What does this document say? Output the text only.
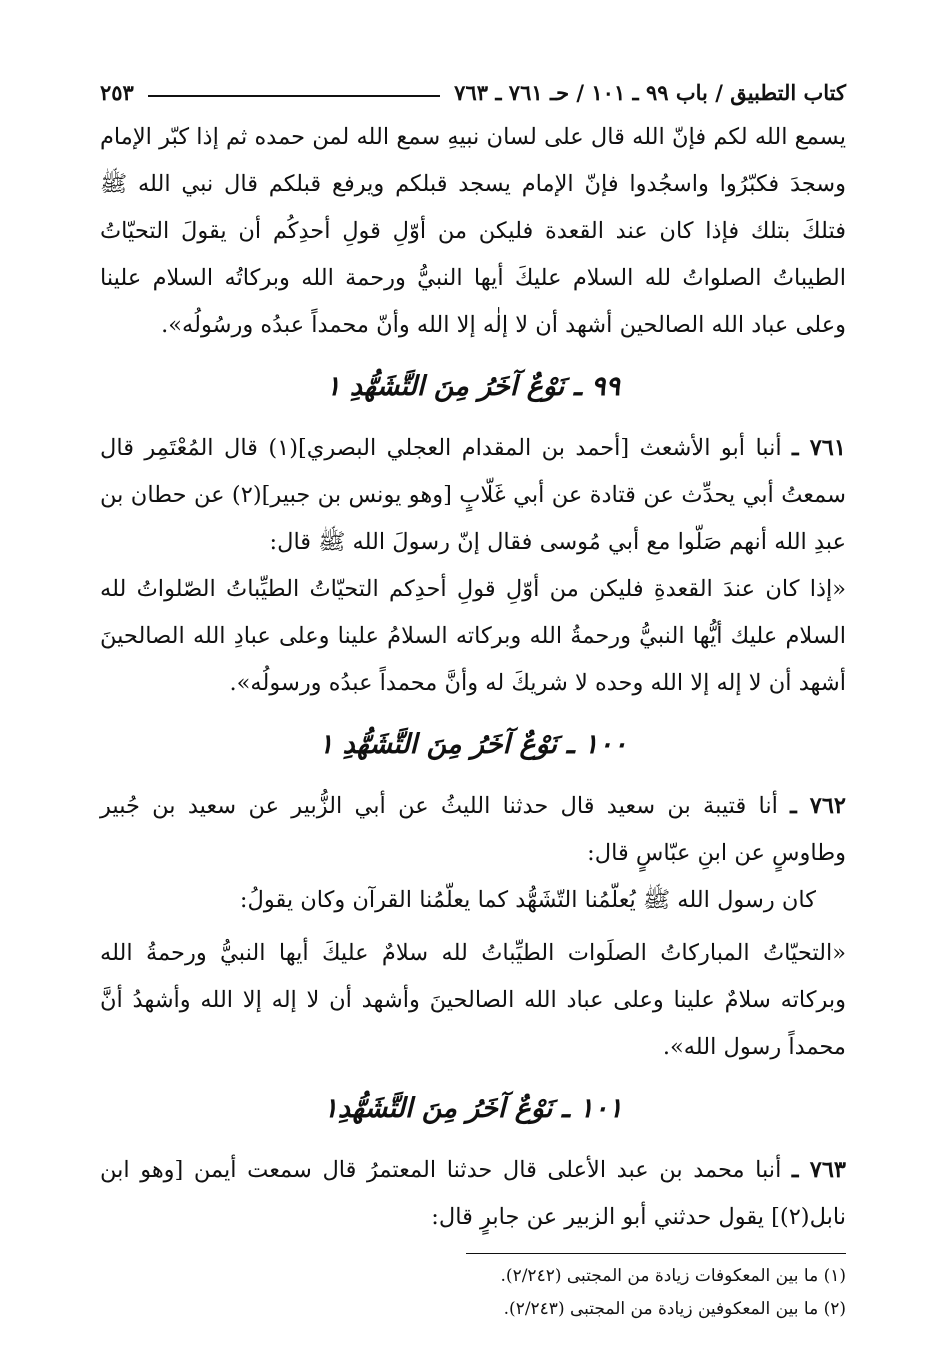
كتاب التطبيق / باب ٩٩ ـ ١٠١ / حـ ٧٦١ ـ ٧٦٣
٢٥٣

يسمع الله لكم فإنّ الله قال على لسان نبيهِ سمع الله لمن حمده ثم إذا كبّر الإمام وسجدَ فكبّرُوا واسجُدوا فإنّ الإمام يسجد قبلكم ويرفع قبلكم قال نبي الله ﷺ فتلكَ بتلك فإذا كان عند القعدة فليكن من أوّلِ قولِ أحدِكُم أن يقولَ التحيّاتُ الطيباتُ الصلواتُ لله السلام عليكَ أيها النبيُّ ورحمة الله وبركاتُه السلام علينا وعلى عباد الله الصالحين أشهد أن لا إلٰه إلا الله وأنّ محمداً عبدُه ورسُولُه».

٩٩ ـ نَوْعٌ آخَرُ مِنَ التَّشَهُّدِ ١

٧٦١ ـ أنبا أبو الأشعث [أحمد بن المقدام العجلي البصري](١) قال المُعْتَمِر قال سمعتُ أبي يحدِّث عن قتادة عن أبي غَلّابٍ [وهو يونس بن جبير](٢) عن حطان بن عبدِ الله أنهم صَلّوا مع أبي مُوسى فقال إنّ رسولَ الله ﷺ قال:

«إذا كان عندَ القعدةِ فليكن من أوّلِ قولِ أحدِكم التحيّاتُ الطيِّباتُ الصّلواتُ لله السلام عليك أيُّها النبيُّ ورحمةُ الله وبركاته السلامُ علينا وعلى عبادِ الله الصالحينَ أشهد أن لا إله إلا الله وحده لا شريكَ له وأنَّ محمداً عبدُه ورسولُه».

١٠٠ ـ نَوْعٌ آخَرُ مِنَ التَّشَهُّدِ ١

٧٦٢ ـ أنا قتيبة بن سعيد قال حدثنا الليثُ عن أبي الزُّبير عن سعيد بن جُبير وطاوسٍ عن ابنِ عبّاسٍ قال:

كان رسول الله ﷺ يُعلّمُنا التّشَهُّد كما يعلّمُنا القرآن وكان يقولُ:

«التحيّاتُ المباركاتُ الصلَوات الطيِّباتُ لله سلامٌ عليكَ أيها النبيُّ ورحمةُ الله وبركاته سلامٌ علينا وعلى عباد الله الصالحينَ وأشهد أن لا إله إلا الله وأشهدُ أنَّ محمداً رسول الله».

١٠١ ـ نَوْعٌ آخَرُ مِنَ التَّشَهُّدِ١

٧٦٣ ـ أنبا محمد بن عبد الأعلى قال حدثنا المعتمرُ قال سمعت أيمن [وهو ابن نابل(٢)] يقول حدثني أبو الزبير عن جابرٍ قال:

(١) ما بين المعكوفات زيادة من المجتبى (٢/٢٤٢).
(٢) ما بين المعكوفين زيادة من المجتبى (٢/٢٤٣).
